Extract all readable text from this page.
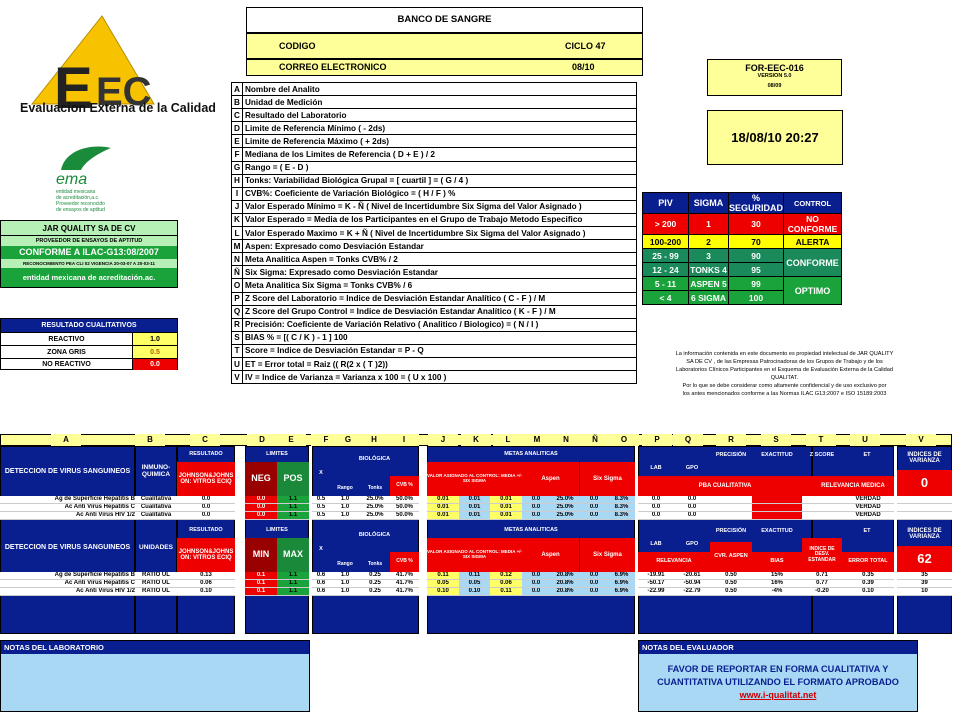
E EC
Evaluacion Externa de la Calidad
ema
entidad mexicana
de acreditación,a.c.
Proveedor reconocido
de ensayos de aptitud
JAR QUALITY SA DE CV
PROVEEDOR DE ENSAYOS DE APTITUD
CONFORME A ILAC-G13:08/2007
RECONOCIMIENTO PEA CLI 02 VIGENCIA 20-03-07 A 20-03-11
entidad mexicana de acreditación.ac.
RESULTADO CUALITATIVOS
REACTIVO	1.0
ZONA GRIS	0.5
NO REACTIVO	0.0
BANCO DE SANGRE
CODIGO	CICLO 47
CORREO ELECTRONICO	08/10	FOR-EEC-016
VERSION 5.0
08/09
18/08/10 20:27
A	Nombre del Analito
B	Unidad de Medición
C	Resultado del Laboratorio
D	Limite de Referencia Mínimo ( - 2ds)
E	Limite de Referencia Máximo ( + 2ds)
F	Mediana de los Limites de Referencia ( D + E ) / 2
G	Rango = ( E - D )
H	Tonks: Variabilidad Biológica Grupal = [ cuartil ] = ( G / 4 )
I	CVB%: Coeficiente de Variación Biológico = ( H / F ) %
J	Valor Esperado Mínimo = K - Ñ ( Nivel de Incertidumbre Six Sigma del Valor Asignado )
K	Valor Esperado = Media de los Participantes en el Grupo de Trabajo Metodo Especifico
L	Valor Esperado Maximo = K + Ñ ( Nivel de Incertidumbre Six Sigma del Valor Asignado )
M	Aspen: Expresado como Desviación Estandar
N	Meta Analitica Aspen = Tonks CVB% / 2
Ñ	Six Sigma: Expresado como Desviación Estandar
O	Meta Analitica Six Sigma = Tonks CVB% / 6
P	Z Score del Laboratorio = Indice de Desviación Estandar Analítico ( C - F ) / M
Q	Z Score del Grupo Control = Indice de Desviación Estandar Analítico ( K - F ) / M
R	Precisión: Coeficiente de Variación Relativo ( Analitico / Biologico) = ( N / I )
S	BIAS % = [( C / K ) - 1 ] 100
T	Score = Indice de Desviación Estandar = P - Q
U	ET = Error total = Raiz (( R(2 x ( T )2))
V	IV = Indice de Varianza = Varianza x 100 = ( U x 100 )
PIV	SIGMA	% SEGURIDAD	CONTROL
> 200	1	30	NO CONFORME
100-200	2	70	ALERTA
25 - 99	3	90	CONFORME
12 - 24	TONKS 4	95	
5 - 11	ASPEN 5	99	OPTIMO
< 4	6 SIGMA	100	
La información contenida en este documento es propiedad intelectual de JAR QUALITY
SA DE CV , de las Empresas Patrocinadoras de los Grupos de Trabajo y de los
Laboratorios Clínicos Participantes en el Esquema de Evaluación Externa de la Calidad
QUALITAT.
Por lo que se debe considerar como altamente confidencial y de uso exclusivo por
los antes mencionados conforme a las Normas ILAC G13:2007 e ISO 15189:2003
A	B	C	D	E	F	G	H	I	J	K	L	M	N	Ñ	O	P	Q	R	S	T	U	V
DETECCION DE VIRUS SANGUINEOS
INMUNO-QUIMICA
RESULTADO
JOHNSON&JOHNS ON: VITROS ECIQ
LIMITES
NEG	POS
BIOLÓGICA
X
Rango	Tonks	CVB %
METAS ANALITICAS
VALOR ASIGNADO AL CONTROL: MEDIA +/- SIX SIGMA	Aspen	Six Sigma
LAB	GPO
PRECISIÓN	EXACTITUD	Z SCORE	ET
PBA CUALITATIVA	RELEVANCIA MEDICA
INDICES DE VARIANZA
0
Ag de Superficie Hepatitis B Cualitativa	0.0	0.0	1.1	0.5	1.0	25.0%	50.0%	0.01	0.01	0.01	0.0	25.0%	0.0	8.3%	0.0	0.0	VERDAD
Ac Anti Virus Hepatitis C Cualitativa	0.0	0.0	1.1	0.5	1.0	25.0%	50.0%	0.01	0.01	0.01	0.0	25.0%	0.0	8.3%	0.0	0.0	VERDAD
Ac Anti Virus HIV 1/2 Cualitativa	0.0	0.0	1.1	0.5	1.0	25.0%	50.0%	0.01	0.01	0.01	0.0	25.0%	0.0	8.3%	0.0	0.0	VERDAD
DETECCION DE VIRUS SANGUINEOS	UNIDADES
RESULTADO
JOHNSON&JOHNS ON: VITROS ECIQ
LIMITES
MIN	MAX
BIOLÓGICA
X
Rango	Tonks	CVB %
METAS ANALITICAS
VALOR ASIGNADO AL CONTROL: MEDIA +/- SIX SIGMA	Aspen	Six Sigma
LAB	GPO
PRECISIÓN	EXACTITUD	ET
RELEVANCIA
CVR. ASPEN
BIAS
INDICE DE DESV. ESTANDAR	ERROR TOTAL
INDICES DE VARIANZA
62
Ag de Superficie Hepatitis B	RATIO UL	0.13	0.1	1.1	0.6	1.0	0.25	41.7%	0.11	0.11	0.12	0.0	20.8%	0.0	6.9%	-19.91	-20.61	0.50	15%	0.71	0.35	35
Ac Anti Virus Hepatitis C	RATIO UL	0.06	0.1	1.1	0.6	1.0	0.25	41.7%	0.05	0.05	0.06	0.0	20.8%	0.0	6.9%	-50.17	-50.94	0.50	16%	0.77	0.39	39
Ac Anti Virus HIV 1/2	RATIO UL	0.10	0.1	1.1	0.6	1.0	0.25	41.7%	0.10	0.10	0.11	0.0	20.8%	0.0	6.9%	-22.99	-22.79	0.50	-4%	-0.20	0.10	10
NOTAS DEL LABORATORIO	NOTAS DEL EVALUADOR
FAVOR DE REPORTAR EN FORMA CUALITATIVA Y
CUANTITATIVA UTILIZANDO EL FORMATO APROBADO
www.i-qualitat.net
